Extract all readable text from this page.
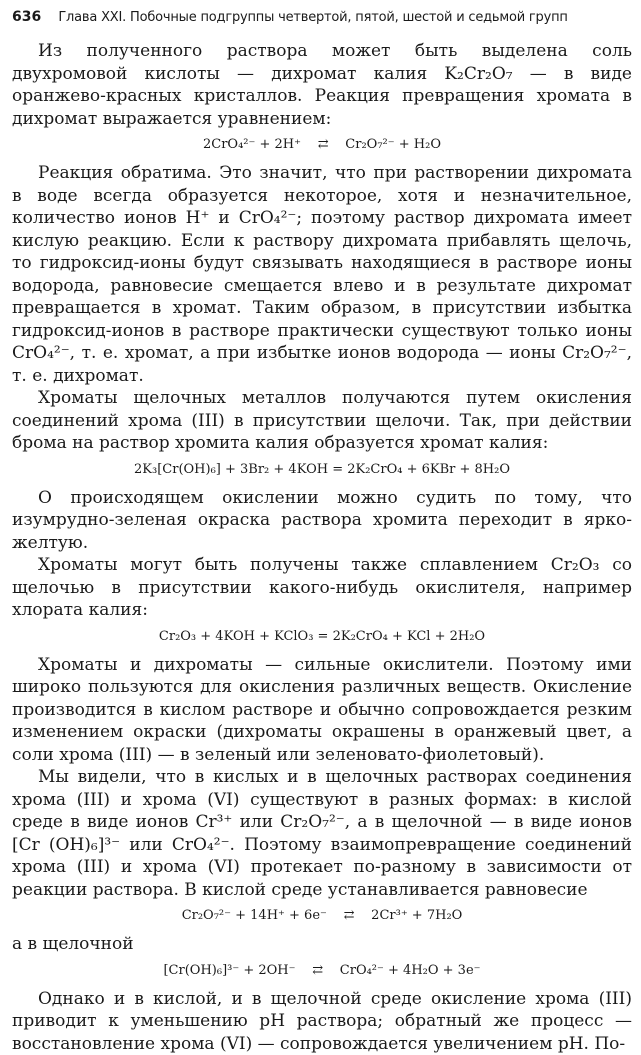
636 Глава XXI. Побочные подгруппы четвертой, пятой, шестой и седьмой групп

Из полученного раствора может быть выделена соль двухромовой кислоты — дихромат калия K₂Cr₂O₇ — в виде оранжево-красных кристаллов. Реакция превращения хромата в дихромат выражается уравнением:

2CrO₄²⁻ + 2H⁺ ⇄ Cr₂O₇²⁻ + H₂O

Реакция обратима. Это значит, что при растворении дихромата в воде всегда образуется некоторое, хотя и незначительное, количество ионов H⁺ и CrO₄²⁻; поэтому раствор дихромата имеет кислую реакцию. Если к раствору дихромата прибавлять щелочь, то гидроксид-ионы будут связывать находящиеся в растворе ионы водорода, равновесие смещается влево и в результате дихромат превращается в хромат. Таким образом, в присутствии избытка гидроксид-ионов в растворе практически существуют только ионы CrO₄²⁻, т. е. хромат, а при избытке ионов водорода — ионы Cr₂O₇²⁻, т. е. дихромат.

Хроматы щелочных металлов получаются путем окисления соединений хрома (III) в присутствии щелочи. Так, при действии брома на раствор хромита калия образуется хромат калия:

2K₃[Cr(OH)₆] + 3Br₂ + 4KOH = 2K₂CrO₄ + 6KBr + 8H₂O

О происходящем окислении можно судить по тому, что изумрудно-зеленая окраска раствора хромита переходит в ярко-желтую.

Хроматы могут быть получены также сплавлением Cr₂O₃ со щелочью в присутствии какого-нибудь окислителя, например хлората калия:

Cr₂O₃ + 4KOH + KClO₃ = 2K₂CrO₄ + KCl + 2H₂O

Хроматы и дихроматы — сильные окислители. Поэтому ими широко пользуются для окисления различных веществ. Окисление производится в кислом растворе и обычно сопровождается резким изменением окраски (дихроматы окрашены в оранжевый цвет, а соли хрома (III) — в зеленый или зеленовато-фиолетовый).

Мы видели, что в кислых и в щелочных растворах соединения хрома (III) и хрома (VI) существуют в разных формах: в кислой среде в виде ионов Cr³⁺ или Cr₂O₇²⁻, а в щелочной — в виде ионов [Cr (OH)₆]³⁻ или CrO₄²⁻. Поэтому взаимопревращение соединений хрома (III) и хрома (VI) протекает по-разному в зависимости от реакции раствора. В кислой среде устанавливается равновесие

Cr₂O₇²⁻ + 14H⁺ + 6e⁻ ⇄ 2Cr³⁺ + 7H₂O

а в щелочной

[Cr(OH)₆]³⁻ + 2OH⁻ ⇄ CrO₄²⁻ + 4H₂O + 3e⁻

Однако и в кислой, и в щелочной среде окисление хрома (III) приводит к уменьшению pH раствора; обратный же процесс — восстановление хрома (VI) — сопровождается увеличением pH. По-
